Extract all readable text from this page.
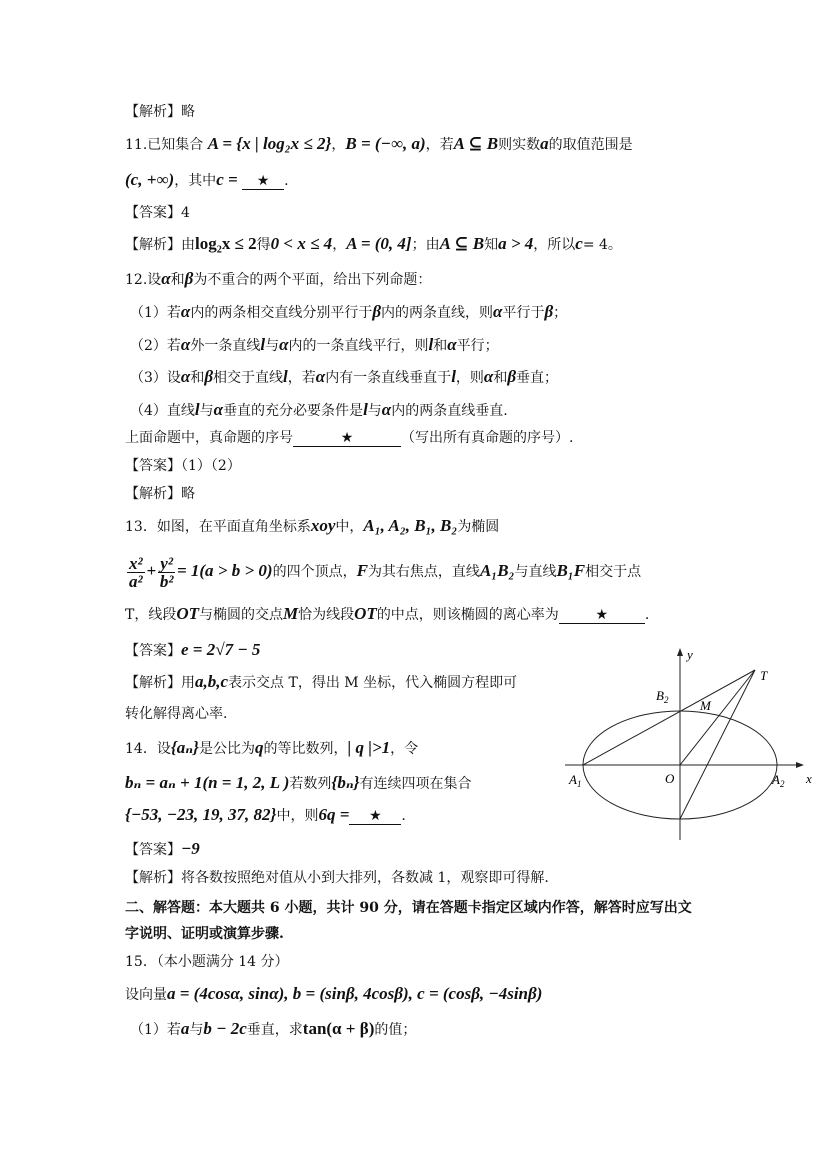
【解析】略
11.已知集合 A = {x | log₂x ≤ 2}，B = (−∞, a)，若A ⊆ B则实数a的取值范围是
(c, +∞)，其中c = ★ .
【答案】4
【解析】由log₂x ≤ 2得0 < x ≤ 4，A = (0, 4]；由A ⊆ B知a > 4，所以c= 4。
12.设α和β为不重合的两个平面，给出下列命题：
（1）若α内的两条相交直线分别平行于β内的两条直线，则α平行于β；
（2）若α外一条直线l与α内的一条直线平行，则l和α平行；
（3）设α和β相交于直线l，若α内有一条直线垂直于l，则α和β垂直；
（4）直线l与α垂直的充分必要条件是l与α内的两条直线垂直.
上面命题中，真命题的序号	★	（写出所有真命题的序号）.
【答案】（1）（2）
【解析】略
13．如图，在平面直角坐标系xoy中，A₁, A₂, B₁, B₂为椭圆
$\frac{\text{x²}}{\text{a²}} + \frac{\text{y²}}{\text{b²}} = 1(a > b > 0)$的四个顶点，F为其右焦点，直线A₁B₂与直线B₁F相交于点
T，线段OT与椭圆的交点M恰为线段OT的中点，则该椭圆的离心率为	★	.
【答案】e = 2√7 − 5
【解析】用a,b,c表示交点 T，得出 M 坐标，代入椭圆方程即可
转化解得离心率.
y
x
T
$B_2$ M
$A_1$	O	$A_2$
14．设{aₙ}是公比为q的等比数列，| q |>1，令
bₙ = aₙ + 1(n = 1, 2, L )若数列{bₙ}有连续四项在集合
{−53, −23, 19, 37, 82}中，则6q = ★ .
【答案】−9
【解析】将各数按照绝对值从小到大排列，各数减 1，观察即可得解.
二、解答题：本大题共 6 小题，共计 90 分，请在答题卡指定区域内作答，解答时应写出文
字说明、证明或演算步骤.
15．（本小题满分 14 分）
设向量a = (4cosα, sinα), b = (sinβ, 4cosβ), c = (cosβ, −4sinβ)
（1）若a与b − 2c垂直，求tan(α + β)的值；
